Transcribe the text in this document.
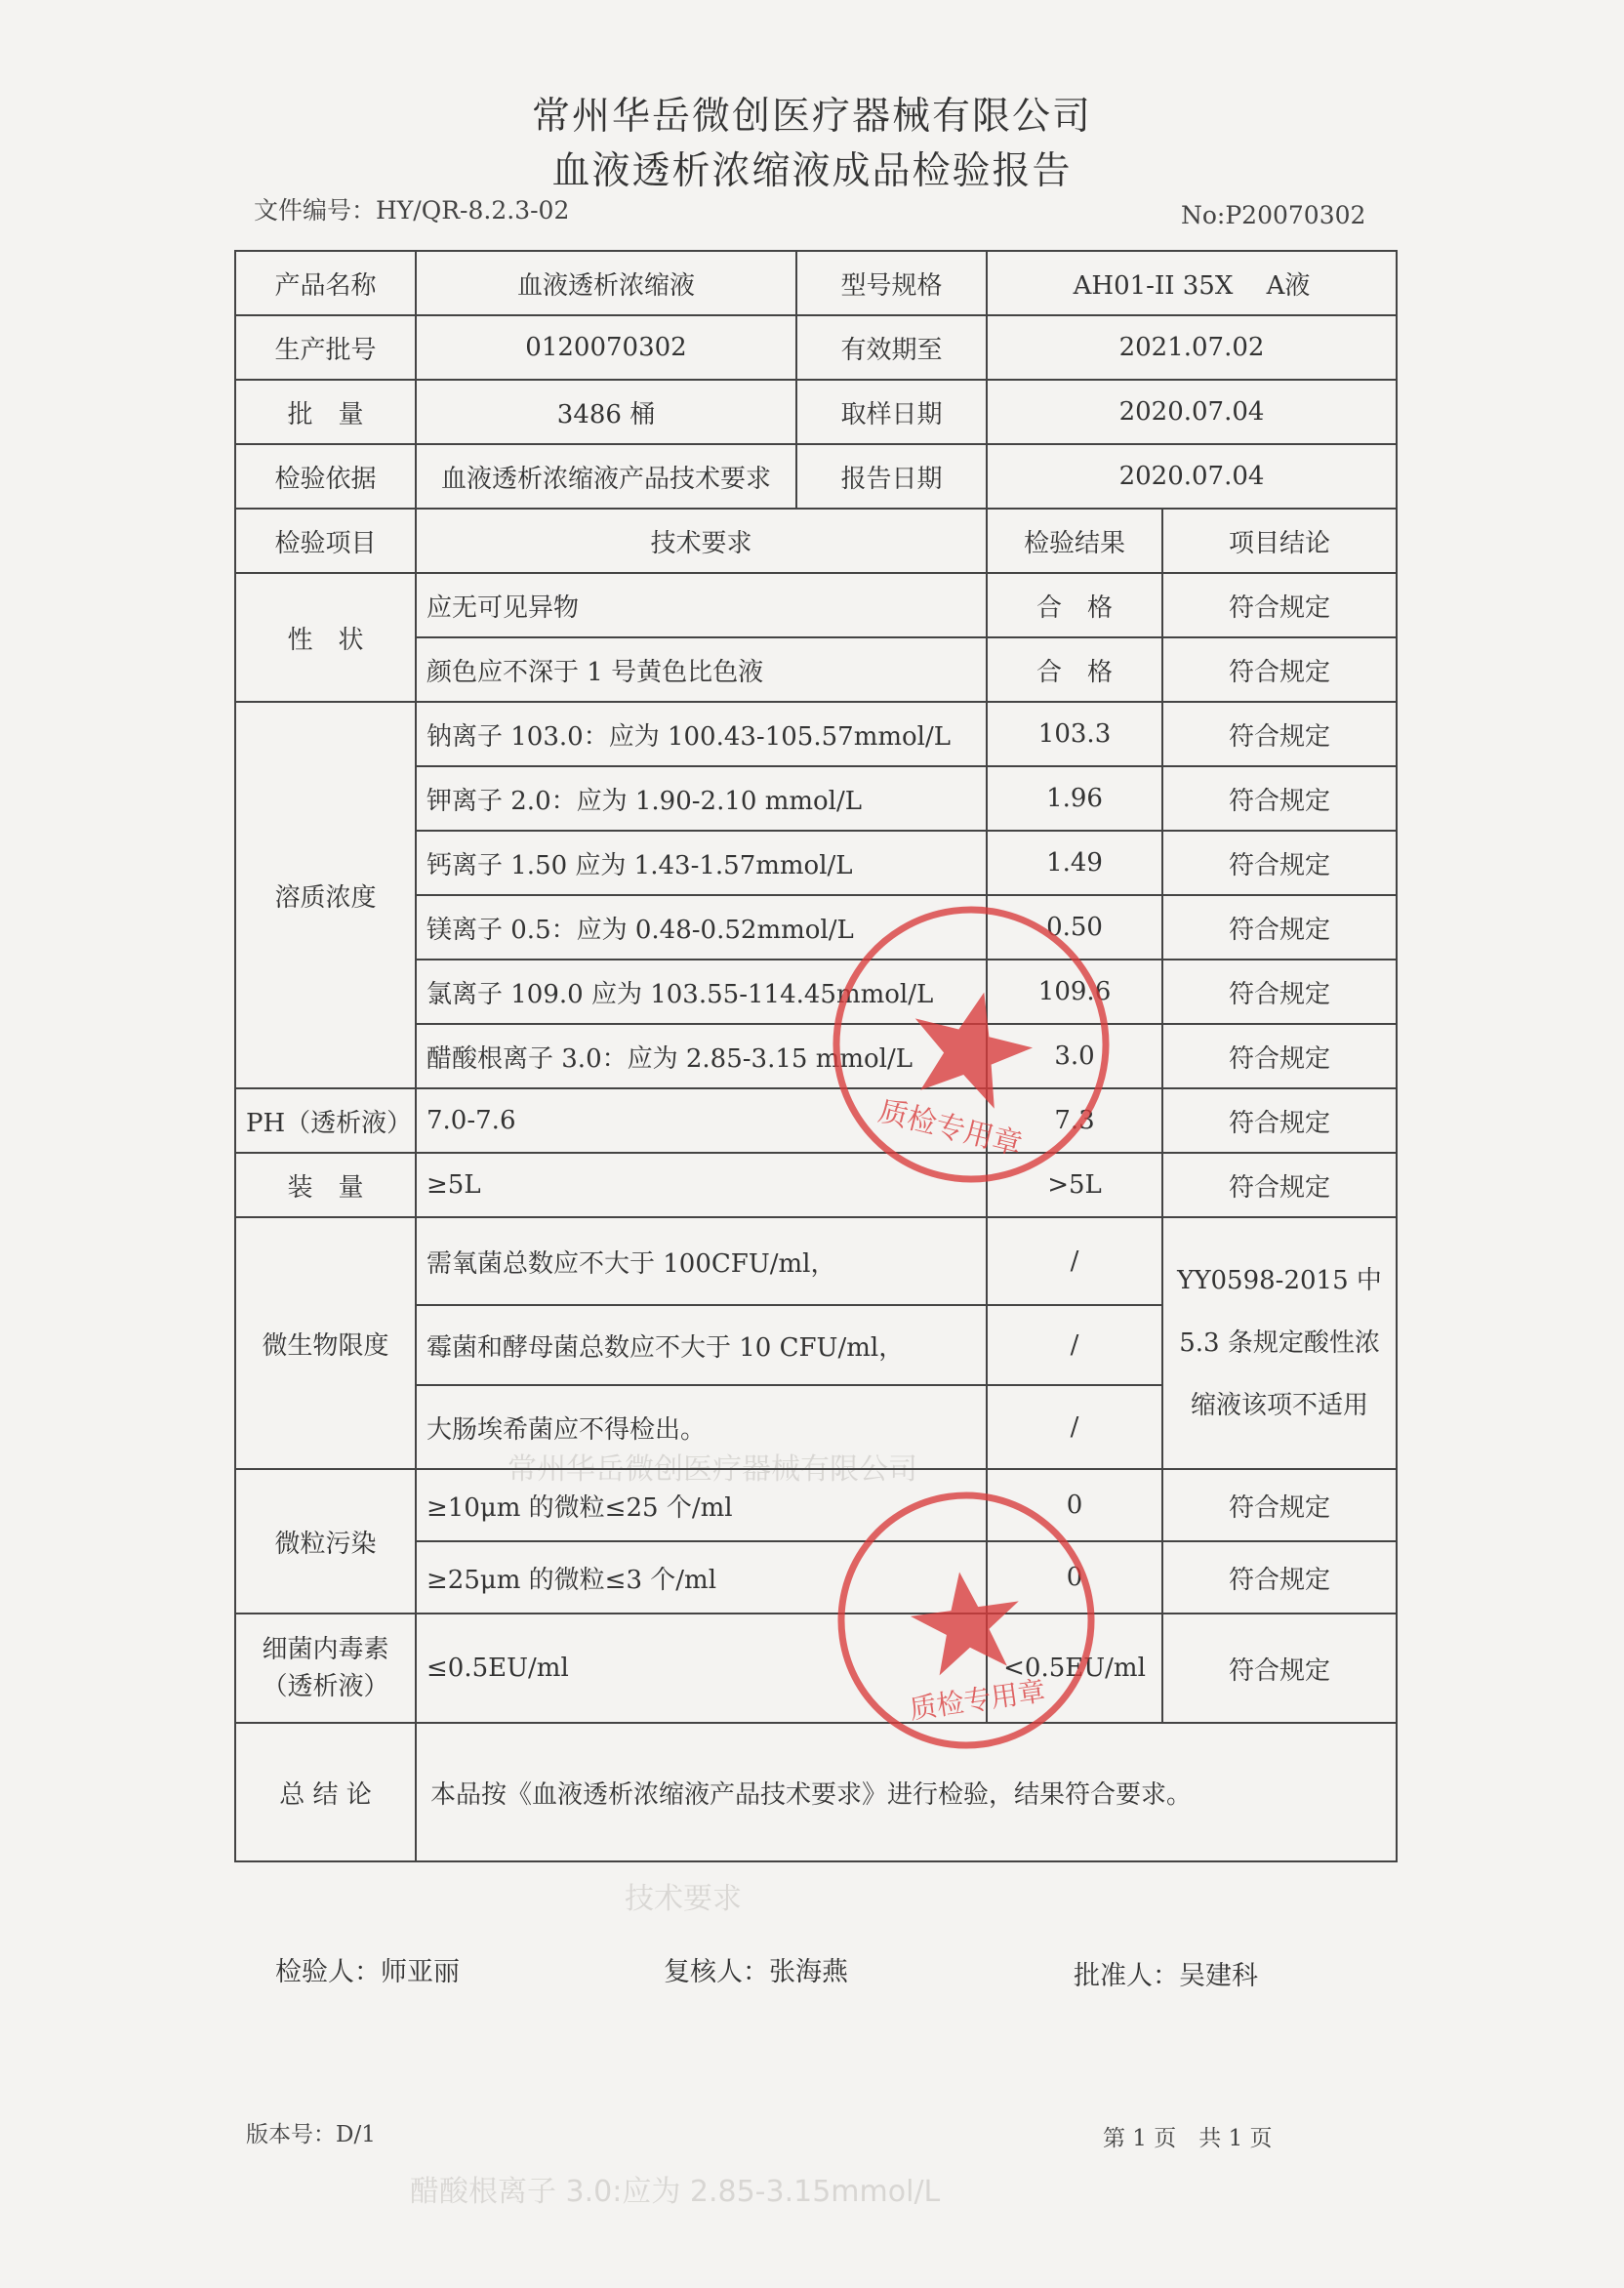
常州华岳微创医疗器械有限公司
技术要求
醋酸根离子 3.0:应为 2.85-3.15mmol/L
常州华岳微创医疗器械有限公司
血液透析浓缩液成品检验报告
文件编号：HY/QR-8.2.3-02	No:P20070302
产品名称	血液透析浓缩液	型号规格	AH01-II 35X　 A液	
生产批号	0120070302	有效期至	2021.07.02	
批　量	3486 桶	取样日期	2020.07.04	
检验依据	血液透析浓缩液产品技术要求	报告日期	2020.07.04	
检验项目	技术要求		检验结果	项目结论
性　状	应无可见异物		合　格	符合规定
	颜色应不深于 1 号黄色比色液		合　格	符合规定
溶质浓度	钠离子 103.0：应为 100.43-105.57mmol/L		103.3	符合规定
	钾离子 2.0：应为 1.90-2.10 mmol/L		1.96	符合规定
	钙离子 1.50 应为 1.43-1.57mmol/L		1.49	符合规定
	镁离子 0.5：应为 0.48-0.52mmol/L		0.50	符合规定
	氯离子 109.0 应为 103.55-114.45mmol/L		109.6	符合规定
	醋酸根离子 3.0：应为 2.85-3.15 mmol/L		3.0	符合规定
PH（透析液）	7.0-7.6		7.3	符合规定
装　量	≥5L		>5L	符合规定
微生物限度	需氧菌总数应不大于 100CFU/ml，		/	YY0598-2015 中 5.3 条规定酸性浓缩液该项不适用
	霉菌和酵母菌总数应不大于 10 CFU/ml，		/	
	大肠埃希菌应不得检出。		/	
微粒污染	≥10μm 的微粒≤25 个/ml		0	符合规定
	≥25μm 的微粒≤3 个/ml		0	符合规定
细菌内毒素（透析液）	≤0.5EU/ml		<0.5EU/ml	符合规定
总 结 论	本品按《血液透析浓缩液产品技术要求》进行检验，结果符合要求。			
质检专用章
质检专用章
检验人：师亚丽	复核人：张海燕	批准人：吴建科
版本号：D/1	第 1 页　共 1 页
